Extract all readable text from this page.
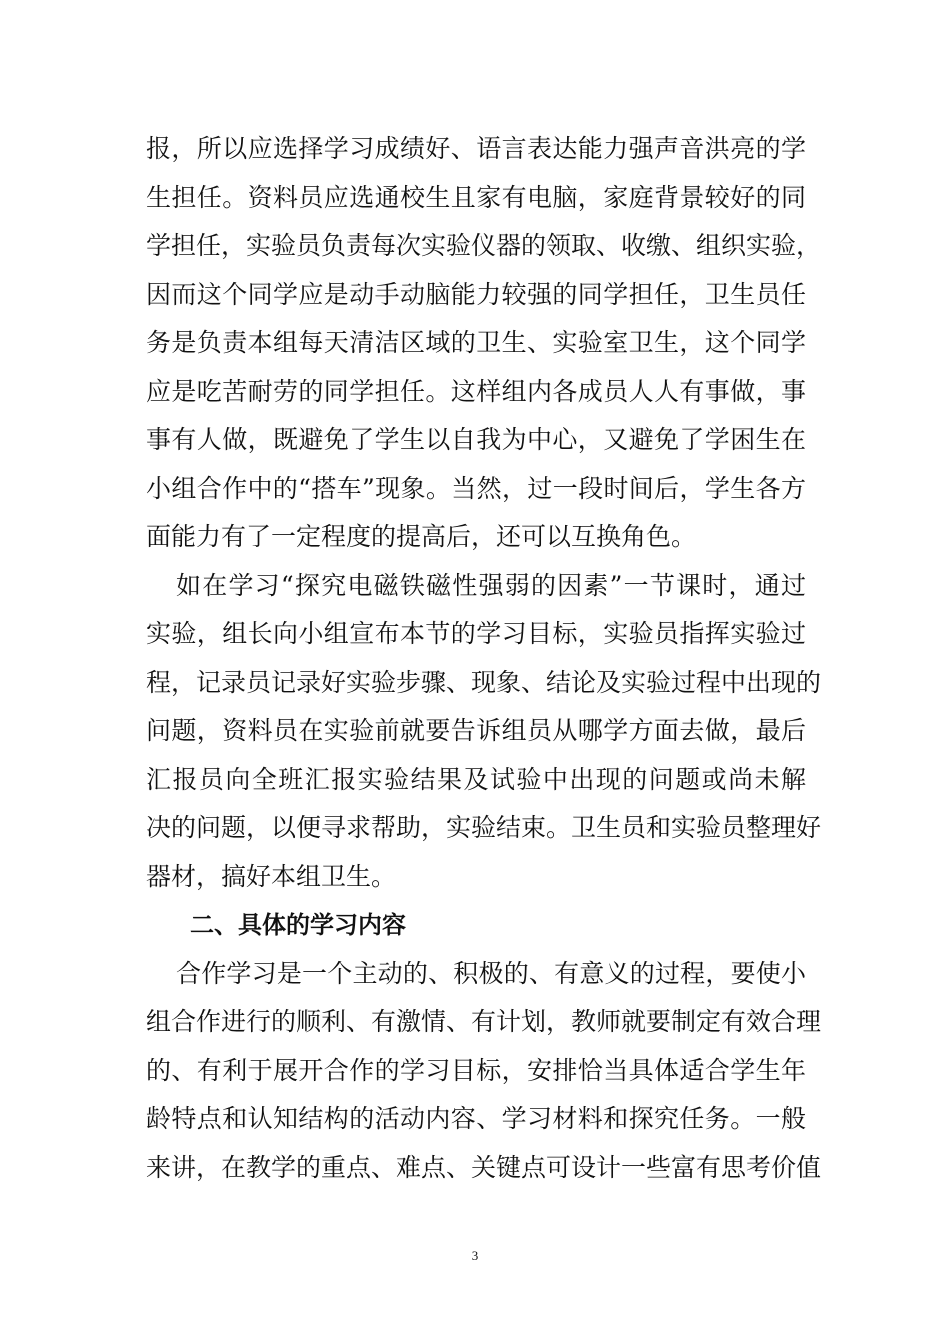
报，所以应选择学习成绩好、语言表达能力强声音洪亮的学
生担任。资料员应选通校生且家有电脑，家庭背景较好的同
学担任，实验员负责每次实验仪器的领取、收缴、组织实验，
因而这个同学应是动手动脑能力较强的同学担任，卫生员任
务是负责本组每天清洁区域的卫生、实验室卫生，这个同学
应是吃苦耐劳的同学担任。这样组内各成员人人有事做，事
事有人做，既避免了学生以自我为中心，又避免了学困生在
小组合作中的“搭车”现象。当然，过一段时间后，学生各方
面能力有了一定程度的提高后，还可以互换角色。
如在学习“探究电磁铁磁性强弱的因素”一节课时，通过
实验，组长向小组宣布本节的学习目标，实验员指挥实验过
程，记录员记录好实验步骤、现象、结论及实验过程中出现的
问题，资料员在实验前就要告诉组员从哪学方面去做，最后
汇报员向全班汇报实验结果及试验中出现的问题或尚未解
决的问题，以便寻求帮助，实验结束。卫生员和实验员整理好
器材，搞好本组卫生。
二、具体的学习内容
合作学习是一个主动的、积极的、有意义的过程，要使小
组合作进行的顺利、有激情、有计划，教师就要制定有效合理
的、有利于展开合作的学习目标，安排恰当具体适合学生年
龄特点和认知结构的活动内容、学习材料和探究任务。一般
来讲，在教学的重点、难点、关键点可设计一些富有思考价值
3
